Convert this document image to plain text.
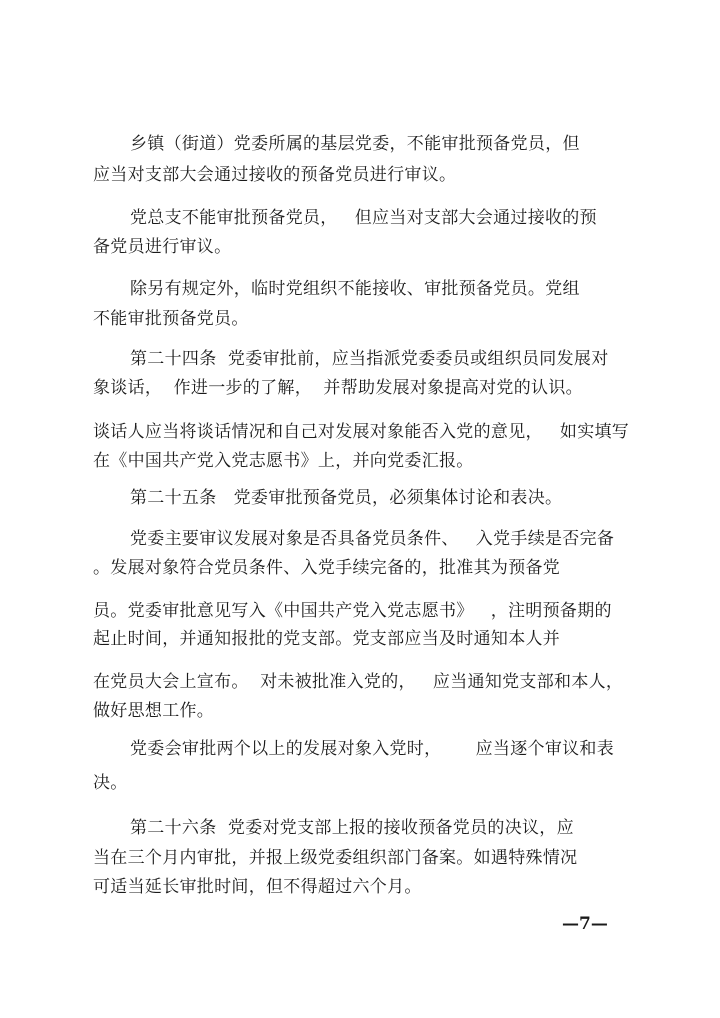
乡镇（街道）党委所属的基层党委，不能审批预备党员，但
应当对支部大会通过接收的预备党员进行审议。
党总支不能审批预备党员，   但应当对支部大会通过接收的预
备党员进行审议。
除另有规定外，临时党组织不能接收、审批预备党员。党组
不能审批预备党员。
第二十四条  党委审批前，应当指派党委委员或组织员同发展对
象谈话，  作进一步的了解，  并帮助发展对象提高对党的认识。
谈话人应当将谈话情况和自己对发展对象能否入党的意见，   如实填写
在《中国共产党入党志愿书》上，并向党委汇报。
第二十五条   党委审批预备党员，必须集体讨论和表决。
党委主要审议发展对象是否具备党员条件、   入党手续是否完备
。发展对象符合党员条件、入党手续完备的，批准其为预备党
员。党委审批意见写入《中国共产党入党志愿书》   ，注明预备期的
起止时间，并通知报批的党支部。党支部应当及时通知本人并
在党员大会上宣布。  对未被批准入党的，   应当通知党支部和本人，
做好思想工作。
党委会审批两个以上的发展对象入党时，      应当逐个审议和表
决。
第二十六条  党委对党支部上报的接收预备党员的决议，应
当在三个月内审批，并报上级党委组织部门备案。如遇特殊情况
可适当延长审批时间，但不得超过六个月。
—7—
